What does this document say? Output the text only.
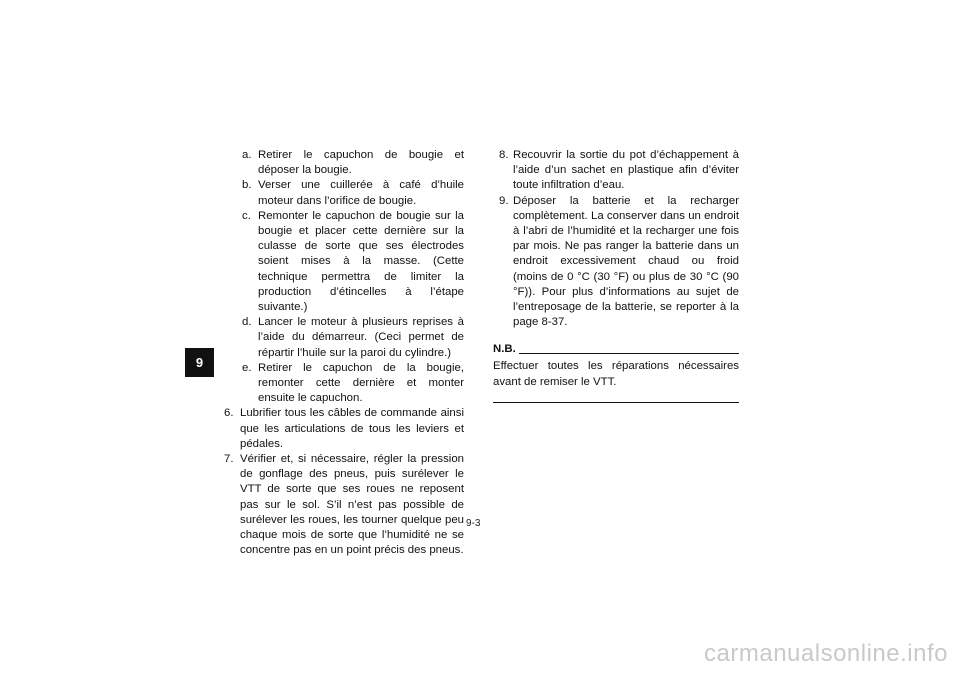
9

a. Retirer le capuchon de bougie et déposer la bougie.

b. Verser une cuillerée à café d’huile moteur dans l’orifice de bougie.

c. Remonter le capuchon de bougie sur la bougie et placer cette dernière sur la culasse de sorte que ses électrodes soient mises à la masse. (Cette technique permettra de limiter la production d’étincelles à l’étape suivante.)

d. Lancer le moteur à plusieurs reprises à l’aide du démarreur. (Ceci permet de répartir l’huile sur la paroi du cylindre.)

e. Retirer le capuchon de la bougie, remonter cette dernière et monter ensuite le capuchon.

6. Lubrifier tous les câbles de commande ainsi que les articulations de tous les leviers et pédales.

7. Vérifier et, si nécessaire, régler la pression de gonflage des pneus, puis surélever le VTT de sorte que ses roues ne reposent pas sur le sol. S’il n’est pas possible de surélever les roues, les tourner quelque peu chaque mois de sorte que l’humidité ne se concentre pas en un point précis des pneus.

8. Recouvrir la sortie du pot d’échappement à l’aide d’un sachet en plastique afin d’éviter toute infiltration d’eau.

9. Déposer la batterie et la recharger complètement. La conserver dans un endroit à l’abri de l’humidité et la recharger une fois par mois. Ne pas ranger la batterie dans un endroit excessivement chaud ou froid (moins de 0 °C (30 °F) ou plus de 30 °C (90 °F)). Pour plus d’informations au sujet de l’entreposage de la batterie, se reporter à la page 8-37.

N.B.

Effectuer toutes les réparations nécessaires avant de remiser le VTT.

9-3
carmanualsonline.info
